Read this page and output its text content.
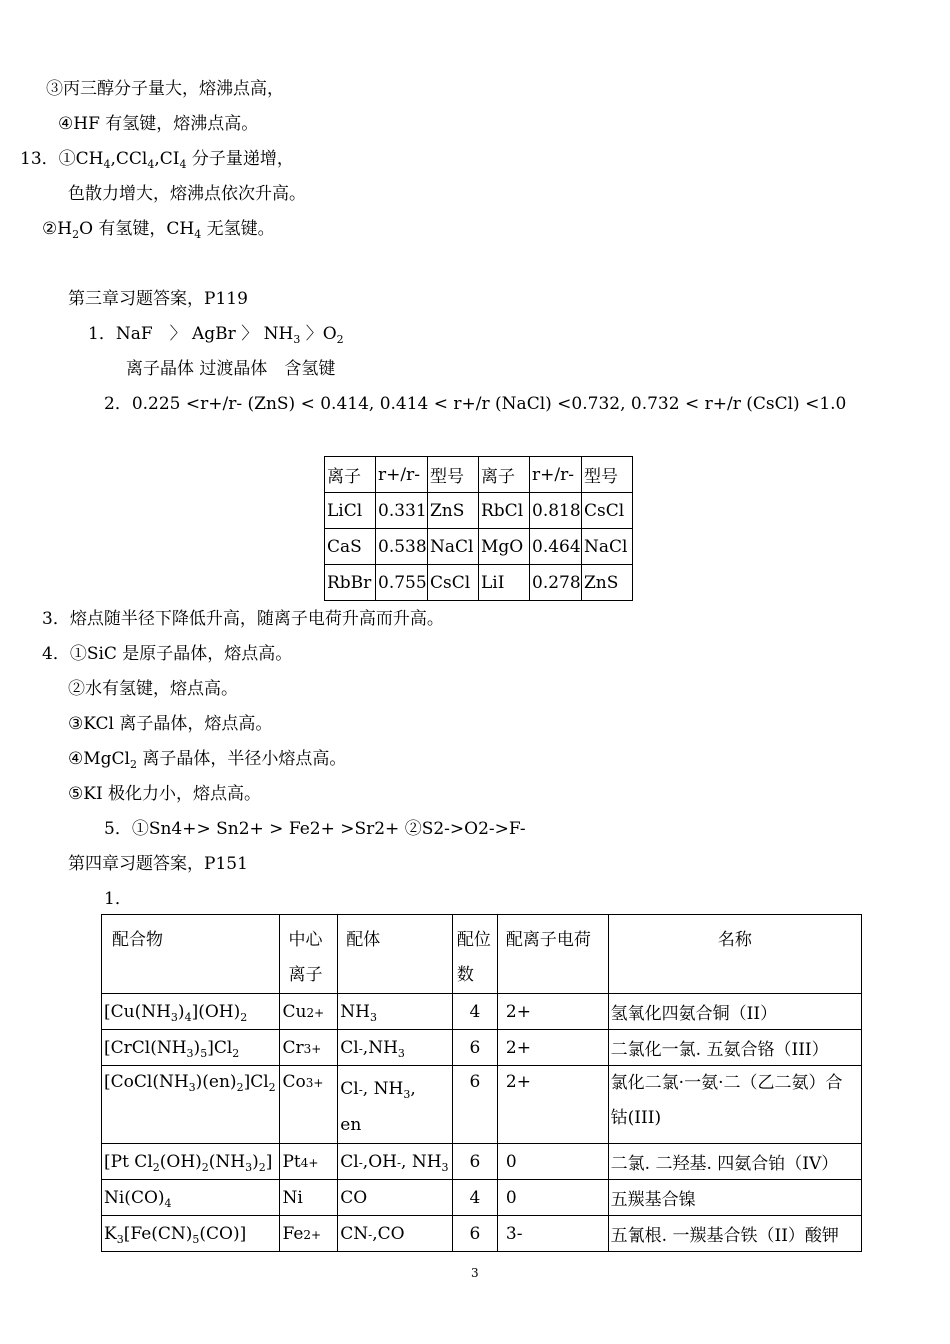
③丙三醇分子量大，熔沸点高，
④HF 有氢键，熔沸点高。
13．$①CH_4,CCl_4,CI_4$ 分子量递增，
色散力增大，熔沸点依次升高。
$②H_2O$ 有氢键，$CH_4$ 无氢键。
第三章习题答案，P119
1．NaF　〉 AgBr 〉 $NH_3$ 〉$O_2$
离子晶体 过渡晶体　含氢键
2．0.225 <r+/r- (ZnS) < 0.414, 0.414 < r+/r (NaCl) <0.732, 0.732 < r+/r (CsCl) <1.0
离子	r+/r-	型号	离子	r+/r-	型号
LiCl	0.331	ZnS	RbCl	0.818	CsCl
CaS	0.538	NaCl	MgO	0.464	NaCl
RbBr	0.755	CsCl	LiI	0.278	ZnS
3．熔点随半径下降低升高，随离子电荷升高而升高。
4．①SiC 是原子晶体，熔点高。
②水有氢键，熔点高。
③KCl 离子晶体，熔点高。
④MgCl$_2$ 离子晶体，半径小熔点高。
⑤KI 极化力小，熔点高。
5．①Sn4+> Sn2+ > Fe2+ >Sr2+ ②S2->O2->F-
第四章习题答案，P151
1．
配合物	中心离子	配体	配位数	配离子电荷	名称
$[Cu(NH_3)_4](OH)_2$	Cu2+	$NH_3$	4	2+	氢氧化四氨合铜（II）
$[CrCl(NH_3)_5]Cl_2$	Cr3+	$Cl-,NH_3$	6	2+	二氯化一氯. 五氨合铬（III）
$[CoCl(NH_3)(en)_2]Cl_2$	Co3+	Cl-, $NH_3$,
en	6	2+	氯化二氯·一氨·二（乙二氨）合钴(III)
[Pt $Cl_2(OH)_2(NH_3)_2$]	Pt4+	Cl-,OH-, $NH_3$	6	0	二氯. 二羟基. 四氨合铂（IV）
$Ni(CO)_4$	Ni	CO	4	0	五羰基合镍
$K_3[Fe(CN)_5(CO)]$	Fe2+	CN-,CO	6	3-	五氰根. 一羰基合铁（II）酸钾
3
